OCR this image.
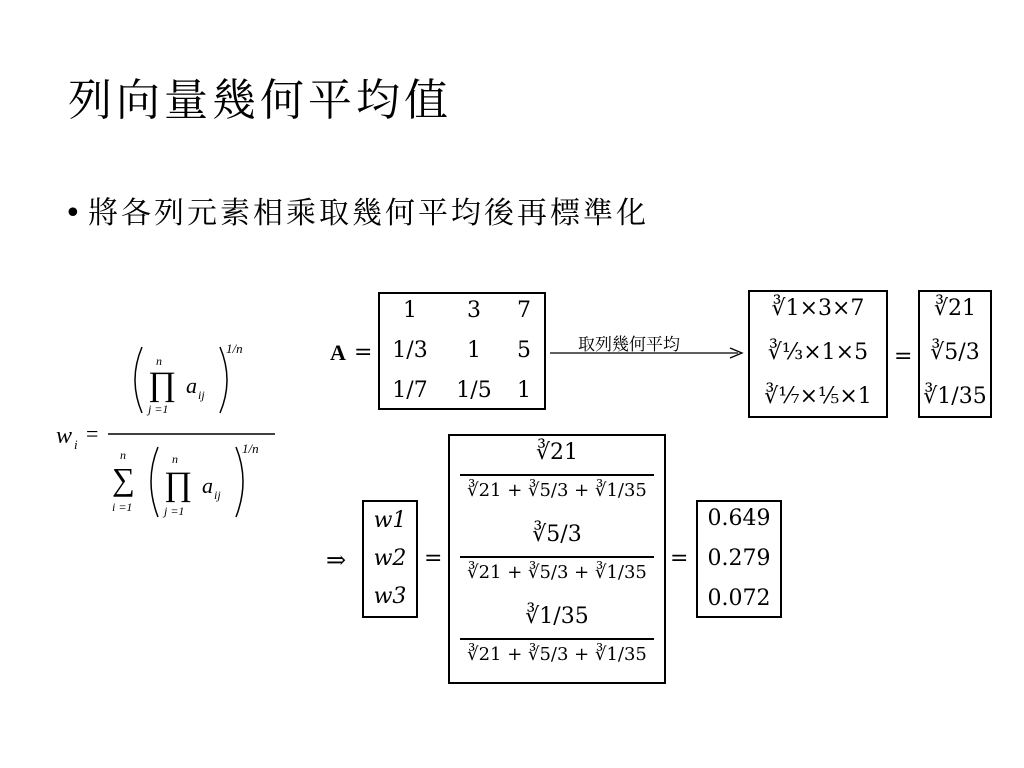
列向量幾何平均值
• 將各列元素相乘取幾何平均後再標準化
w i =
n
∏
j =1
a ij
1/n
n
∑
i =1
n
∏
j =1
a ij
1/n
A =
1	3	7
1/3	1	5
1/7	1/5	1
取列幾何平均
∛1×3×7
∛⅓×1×5
∛⅐×⅕×1
=
∛21
∛5/3
∛1/35
⇒
w1
w2
w3
=
∛21
∛21 + ∛5/3 + ∛1/35
∛5/3
∛21 + ∛5/3 + ∛1/35
∛1/35
∛21 + ∛5/3 + ∛1/35
=
0.649
0.279
0.072
